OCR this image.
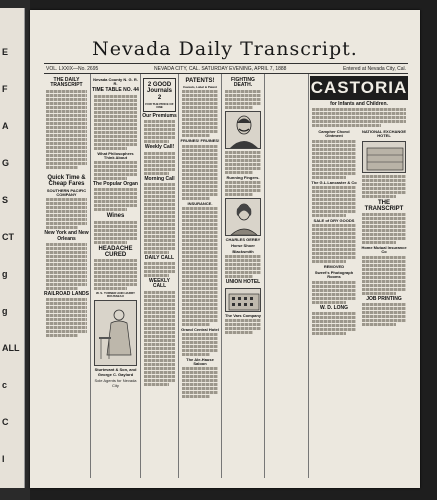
E
F
A
G
S
CT
g
g
ALL
c
C
I
Nevada Daily Transcript.
VOL. LXXIX—No. 2695	NEVADA CITY, CAL. SATURDAY EVENING, APRIL 7, 1888	Entered at Nevada City, Cal.
THE DAILY TRANSCRIPT
Quick Time & Cheap Fares
SOUTHERN PACIFIC COMPANY
New York and New Orleans
RAILROAD LANDS
Nevada County N. G. R. R.
TIME TABLE NO. 44
What Philosophers Think About
The Popular Organ
Wines
HEADACHE CURED
W. S. TURNER AND HARRY ROUSSEAU
Sturtevant & Son, and George C. Gaylord
Sole Agents for Nevada City
2 GOOD Journals 2
FOR THE PRICE OF ONE
Our Premiums
Weekly Call!
Morning Call
DAILY CALL
WEEKLY CALL
PATENTS!
Caveats, Label & Patent
FRUINES! FRUINES!
INSURANCE.
Grand Central Hotel
The Ale-Hause Saloon
FIGHTING DEATH.
Running Fingers.
CHARLES GERBY
Horse Shoer
Blacksmith
UNION HOTEL
The Vars Company
CASTORIA
for Infants and Children.
Campher Chorol Ointment
The G.L.Lancaster & Co
SALE of DRY GOODS
REMOVED
Sweet's Photograph Rooms
W. D. LONG
NATIONAL EXCHANGE HOTEL
THE TRANSCRIPT
Home Mutual Insurance Co
JOB PRINTING
